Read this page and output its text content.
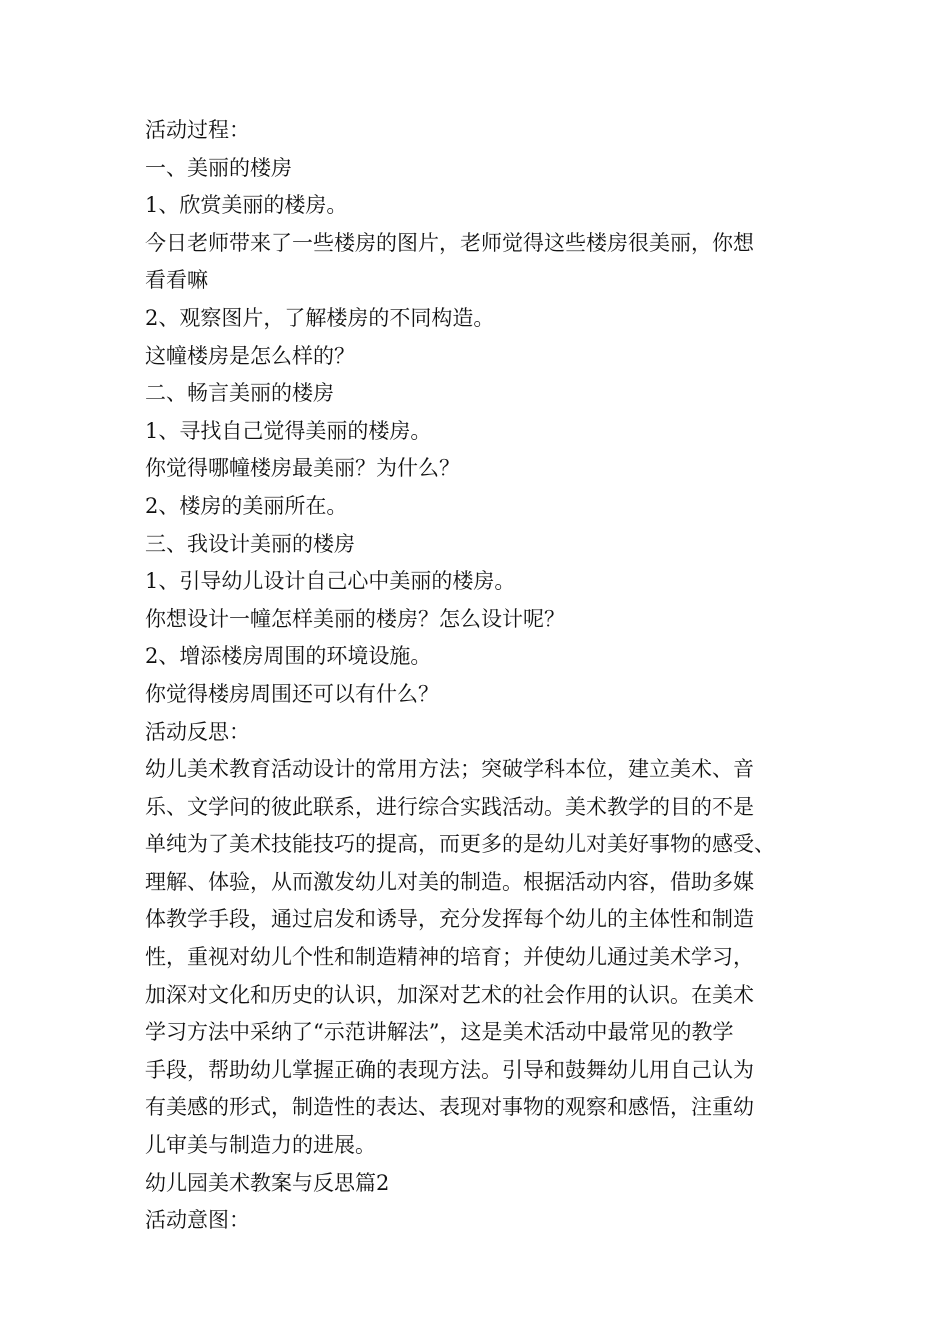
活动过程：
一、美丽的楼房
1、欣赏美丽的楼房。
今日老师带来了一些楼房的图片，老师觉得这些楼房很美丽，你想
看看嘛
2、观察图片，了解楼房的不同构造。
这幢楼房是怎么样的？
二、畅言美丽的楼房
1、寻找自己觉得美丽的楼房。
你觉得哪幢楼房最美丽？为什么？
2、楼房的美丽所在。
三、我设计美丽的楼房
1、引导幼儿设计自己心中美丽的楼房。
你想设计一幢怎样美丽的楼房？怎么设计呢？
2、增添楼房周围的环境设施。
你觉得楼房周围还可以有什么？
活动反思：
幼儿美术教育活动设计的常用方法；突破学科本位，建立美术、音
乐、文学问的彼此联系，进行综合实践活动。美术教学的目的不是
单纯为了美术技能技巧的提高，而更多的是幼儿对美好事物的感受、
理解、体验，从而激发幼儿对美的制造。根据活动内容，借助多媒
体教学手段，通过启发和诱导，充分发挥每个幼儿的主体性和制造
性，重视对幼儿个性和制造精神的培育；并使幼儿通过美术学习，
加深对文化和历史的认识，加深对艺术的社会作用的认识。在美术
学习方法中采纳了“示范讲解法”，这是美术活动中最常见的教学
手段，帮助幼儿掌握正确的表现方法。引导和鼓舞幼儿用自己认为
有美感的形式，制造性的表达、表现对事物的观察和感悟，注重幼
儿审美与制造力的进展。
幼儿园美术教案与反思篇2
活动意图：
